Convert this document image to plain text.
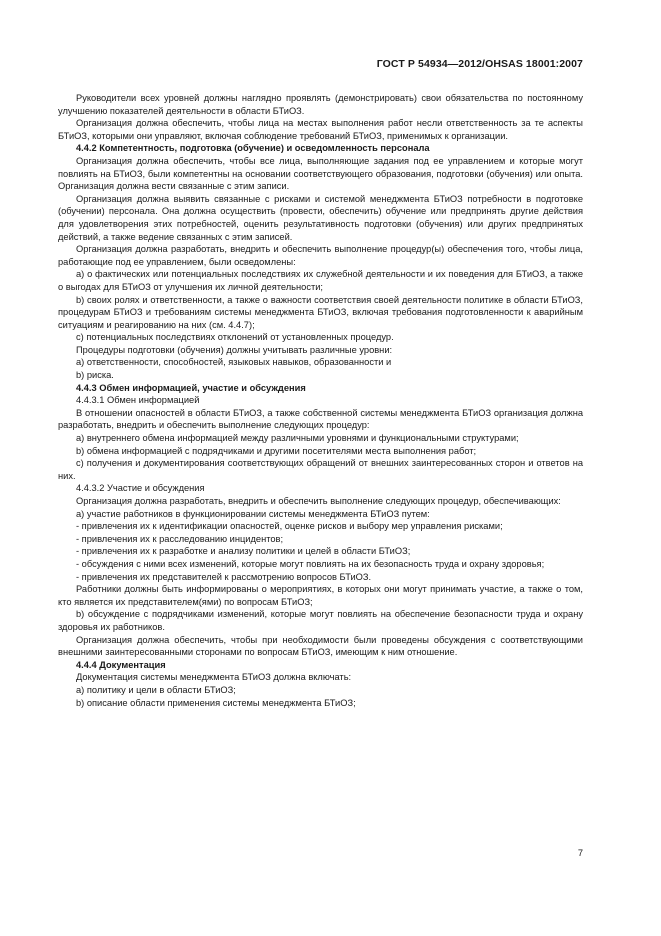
ГОСТ Р 54934—2012/OHSAS 18001:2007

Руководители всех уровней должны наглядно проявлять (демонстрировать) свои обязательства по постоянному улучшению показателей деятельности в области БТиОЗ.

Организация должна обеспечить, чтобы лица на местах выполнения работ несли ответственность за те аспекты БТиОЗ, которыми они управляют, включая соблюдение требований БТиОЗ, применимых к организации.

4.4.2 Компетентность, подготовка (обучение) и осведомленность персонала

Организация должна обеспечить, чтобы все лица, выполняющие задания под ее управлением и которые могут повлиять на БТиОЗ, были компетентны на основании соответствующего образования, подготовки (обучения) или опыта. Организация должна вести связанные с этим записи.

Организация должна выявить связанные с рисками и системой менеджмента БТиОЗ потребности в подготовке (обучении) персонала. Она должна осуществить (провести, обеспечить) обучение или предпринять другие действия для удовлетворения этих потребностей, оценить результативность подготовки (обучения) или других предпринятых действий, а также ведение связанных с этим записей.

Организация должна разработать, внедрить и обеспечить выполнение процедур(ы) обеспечения того, чтобы лица, работающие под ее управлением, были осведомлены:

a) о фактических или потенциальных последствиях их служебной деятельности и их поведения для БТиОЗ, а также о выгодах для БТиОЗ от улучшения их личной деятельности;

b) своих ролях и ответственности, а также о важности соответствия своей деятельности политике в области БТиОЗ, процедурам БТиОЗ и требованиям системы менеджмента БТиОЗ, включая требования подготовленности к аварийным ситуациям и реагированию на них (см. 4.4.7);

c) потенциальных последствиях отклонений от установленных процедур.

Процедуры подготовки (обучения) должны учитывать различные уровни:

a) ответственности, способностей, языковых навыков, образованности и

b) риска.

4.4.3 Обмен информацией, участие и обсуждения

4.4.3.1 Обмен информацией

В отношении опасностей в области БТиОЗ, а также собственной системы менеджмента БТиОЗ организация должна разработать, внедрить и обеспечить выполнение следующих процедур:

a) внутреннего обмена информацией между различными уровнями и функциональными структурами;

b) обмена информацией с подрядчиками и другими посетителями места выполнения работ;

c) получения и документирования соответствующих обращений от внешних заинтересованных сторон и ответов на них.

4.4.3.2 Участие и обсуждения

Организация должна разработать, внедрить и обеспечить выполнение следующих процедур, обеспечивающих:

a) участие работников в функционировании системы менеджмента БТиОЗ путем:

- привлечения их к идентификации опасностей, оценке рисков и выбору мер управления рисками;

- привлечения их к расследованию инцидентов;

- привлечения их к разработке и анализу политики и целей в области БТиОЗ;

- обсуждения с ними всех изменений, которые могут повлиять на их безопасность труда и охрану здоровья;

- привлечения их представителей к рассмотрению вопросов БТиОЗ.

Работники должны быть информированы о мероприятиях, в которых они могут принимать участие, а также о том, кто является их представителем(ями) по вопросам БТиОЗ;

b) обсуждение с подрядчиками изменений, которые могут повлиять на обеспечение безопасности труда и охрану здоровья их работников.

Организация должна обеспечить, чтобы при необходимости были проведены обсуждения с соответствующими внешними заинтересованными сторонами по вопросам БТиОЗ, имеющим к ним отношение.

4.4.4 Документация

Документация системы менеджмента БТиОЗ должна включать:

a) политику и цели в области БТиОЗ;

b) описание области применения системы менеджмента БТиОЗ;

7
